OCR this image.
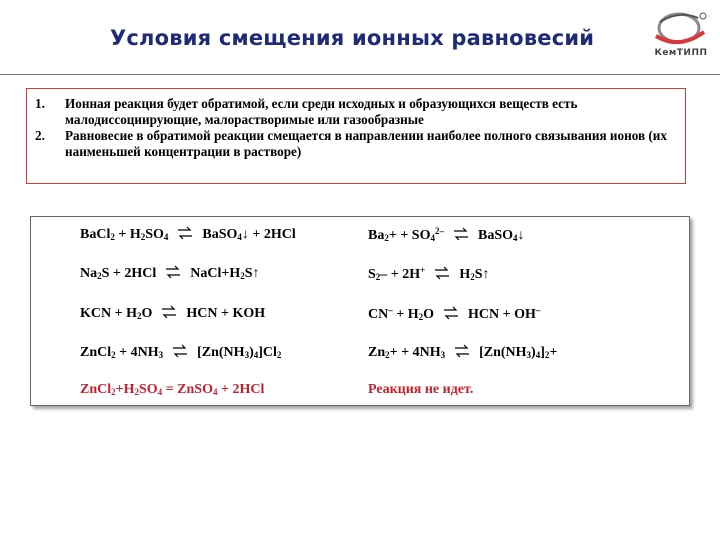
Условия смещения ионных равновесий
КемТИПП
1.	Ионная реакция будет обратимой, если среди исходных и образующихся веществ есть малодиссоциирующие, малорастворимые или газообразные
2.	Равновесие в обратимой реакции смещается в направлении наиболее полного связывания ионов (их наименьшей концентрации в растворе)
BaCl$_2$ + $H_2SO_4$ ⇌ BaSO$_4$↓ + 2HCl	$Ba_2+ + SO_4^{2-}$ ⇌ BaSO$_4$↓
$Na_2S + 2HCl$ ⇌ $NaCl+H_2S↑$	$S_2- + 2H^+$ ⇌ $H_2S↑$
KCN + $H_2O$ ⇌ HCN + KOH	$CN^- + H_2O$ ⇌ HCN + OH–
ZnCl$_2$ + $4NH_3$ ⇌ $[Zn(NH_3)_4]Cl_2$	$Zn_2+ + 4NH_3$ ⇌ $[Zn(NH_3)_4]_2+$
$ZnCl_2+H_2SO_4$ = ZnSO$_4$ + 2HCl	Реакция не идет.
